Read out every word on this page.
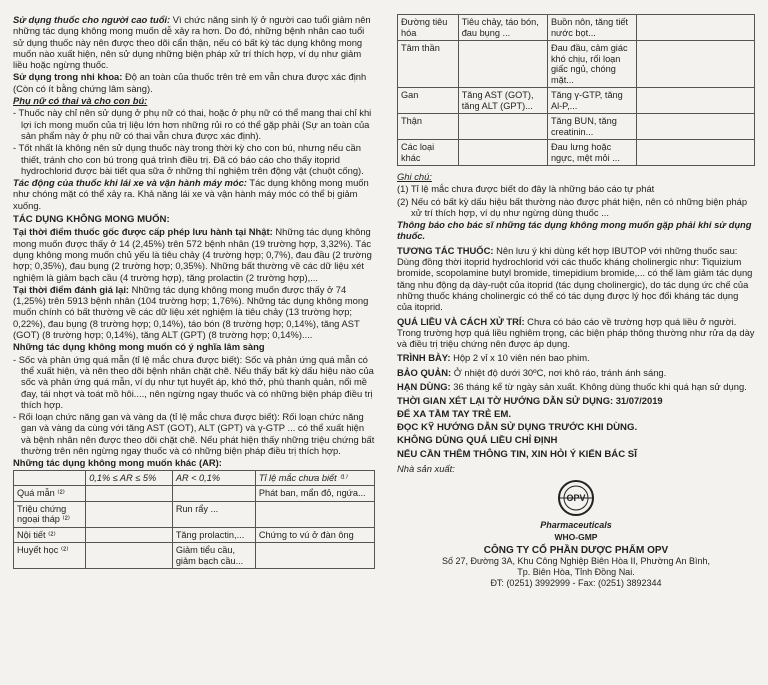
Sử dụng thuốc cho người cao tuổi: Vì chức năng sinh lý ở người cao tuổi giảm nên những tác dụng không mong muốn dễ xảy ra hơn. Do đó, những bệnh nhân cao tuổi sử dụng thuốc này nên được theo dõi cẩn thận, nếu có bất kỳ tác dụng không mong muốn nào xuất hiện, nên sử dụng những biện pháp xử trí thích hợp, ví dụ như giảm liều hoặc ngừng thuốc.

Sử dụng trong nhi khoa: Độ an toàn của thuốc trên trẻ em vẫn chưa được xác định (Còn có ít bằng chứng lâm sàng).

Phụ nữ có thai và cho con bú:

- Thuốc này chỉ nên sử dụng ở phụ nữ có thai, hoặc ở phụ nữ có thể mang thai chỉ khi lợi ích mong muốn của trị liệu lớn hơn những rủi ro có thể gặp phải (Sự an toàn của sản phẩm này ở phụ nữ có thai vẫn chưa được xác định).

- Tốt nhất là không nên sử dụng thuốc này trong thời kỳ cho con bú, nhưng nếu cần thiết, tránh cho con bú trong quá trình điều trị. Đã có báo cáo cho thấy itoprid hydrochlorid được bài tiết qua sữa ở những thí nghiệm trên động vật (chuột cống).

Tác động của thuốc khi lái xe và vận hành máy móc: Tác dụng không mong muốn như chóng mặt có thể xảy ra. Khả năng lái xe và vận hành máy móc có thể bị giảm xuống.

TÁC DỤNG KHÔNG MONG MUỐN:

Tại thời điểm thuốc gốc được cấp phép lưu hành tại Nhật: Những tác dụng không mong muốn được thấy ở 14 (2,45%) trên 572 bệnh nhân (19 trường hợp, 3,32%). Tác dụng không mong muốn chủ yếu là tiêu chảy (4 trường hợp; 0,7%), đau đầu (2 trường hợp; 0,35%), đau bụng (2 trường hợp; 0,35%). Những bất thường về các dữ liệu xét nghiệm là giảm bạch cầu (4 trường hợp), tăng prolactin (2 trường hợp),...

Tại thời điểm đánh giá lại: Những tác dụng không mong muốn được thấy ở 74 (1,25%) trên 5913 bệnh nhân (104 trường hợp; 1,76%). Những tác dụng không mong muốn chính có bất thường về các dữ liệu xét nghiệm là tiêu chảy (13 trường hợp; 0,22%), đau bụng (8 trường hợp; 0,14%), táo bón (8 trường hợp; 0,14%), tăng AST (GOT) (8 trường hợp; 0,14%), tăng ALT (GPT) (8 trường hợp; 0,14%)....

Những tác dụng không mong muốn có ý nghĩa lâm sàng

- Sốc và phản ứng quá mẫn (tỉ lệ mắc chưa được biết): Sốc và phản ứng quá mẫn có thể xuất hiện, và nên theo dõi bệnh nhân chặt chẽ. Nếu thấy bất kỳ dấu hiệu nào của sốc và phản ứng quá mẫn, ví dụ như tụt huyết áp, khó thở, phù thanh quản, nổi mề đay, tái nhợt và toát mồ hôi...., nên ngừng ngay thuốc và có những biện pháp điều trị thích hợp.

- Rối loạn chức năng gan và vàng da (tỉ lệ mắc chưa được biết): Rối loạn chức năng gan và vàng da cùng với tăng AST (GOT), ALT (GPT) và γ-GTP ... có thể xuất hiện và bệnh nhân nên được theo dõi chặt chẽ. Nếu phát hiện thấy những triệu chứng bất thường trên nên ngừng ngay thuốc và có những biện pháp điều trị thích hợp.

Những tác dụng không mong muốn khác (AR):

	0,1% ≤ AR ≤ 5%	AR < 0,1%	Tỉ lệ mắc chưa biết ⁽¹⁾
Quá mẫn ⁽²⁾			Phát ban, mẩn đỏ, ngứa...
Triệu chứng ngoại tháp ⁽²⁾		Run rẩy ...	
Nội tiết ⁽²⁾		Tăng prolactin,...	Chứng to vú ở đàn ông
Huyết học ⁽²⁾		Giảm tiểu cầu, giảm bạch cầu...	
Đường tiêu hóa	Tiêu chảy, táo bón, đau bụng ...	Buồn nôn, tăng tiết nước bọt...	
Tâm thần		Đau đầu, cảm giác khó chịu, rối loạn giấc ngủ, chóng mặt...	
Gan	Tăng AST (GOT), tăng ALT (GPT)...	Tăng γ-GTP, tăng Al-P,...	
Thận		Tăng BUN, tăng creatinin...	
Các loại khác		Đau lưng hoặc ngực, mệt mỏi ...	

Ghi chú:

(1) Tỉ lệ mắc chưa được biết do đây là những báo cáo tự phát

(2) Nếu có bất kỳ dấu hiệu bất thường nào được phát hiện, nên có những biện pháp xử trí thích hợp, ví dụ như ngừng dùng thuốc ...

Thông báo cho bác sĩ những tác dụng không mong muốn gặp phải khi sử dụng thuốc.

TƯƠNG TÁC THUỐC: Nên lưu ý khi dùng kết hợp IBUTOP với những thuốc sau: Dùng đồng thời itoprid hydrochlorid với các thuốc kháng cholinergic như: Tiquizium bromide, scopolamine butyl bromide, timepidium bromide,... có thể làm giảm tác dụng tăng nhu động dạ dày-ruột của itoprid (tác dụng cholinergic), do tác dụng ức chế của những thuốc kháng cholinergic có thể có tác dụng được lý học đối kháng tác dụng của itoprid.

QUÁ LIỀU VÀ CÁCH XỬ TRÍ: Chưa có báo cáo về trường hợp quá liều ở người. Trong trường hợp quá liều nghiêm trọng, các biện pháp thông thường như rửa dạ dày và điều trị triệu chứng nên được áp dụng.

TRÌNH BÀY: Hộp 2 vỉ x 10 viên nén bao phim.

BẢO QUẢN: Ở nhiệt độ dưới 30ºC, nơi khô ráo, tránh ánh sáng.

HẠN DÙNG: 36 tháng kể từ ngày sản xuất. Không dùng thuốc khi quá hạn sử dụng.

THỜI GIAN XÉT LẠI TỜ HƯỚNG DẪN SỬ DỤNG: 31/07/2019

ĐỂ XA TẦM TAY TRẺ EM.

ĐỌC KỸ HƯỚNG DẪN SỬ DỤNG TRƯỚC KHI DÙNG.

KHÔNG DÙNG QUÁ LIỀU CHỈ ĐỊNH

NẾU CẦN THÊM THÔNG TIN, XIN HỎI Ý KIẾN BÁC SĨ

Nhà sản xuất:

OPV
Pharmaceuticals
WHO-GMP
CÔNG TY CỔ PHẦN DƯỢC PHẨM OPV
Số 27, Đường 3A, Khu Công Nghiệp Biên Hòa II, Phường An Bình,
Tp. Biên Hòa, Tỉnh Đồng Nai.
ĐT: (0251) 3992999 - Fax: (0251) 3892344
